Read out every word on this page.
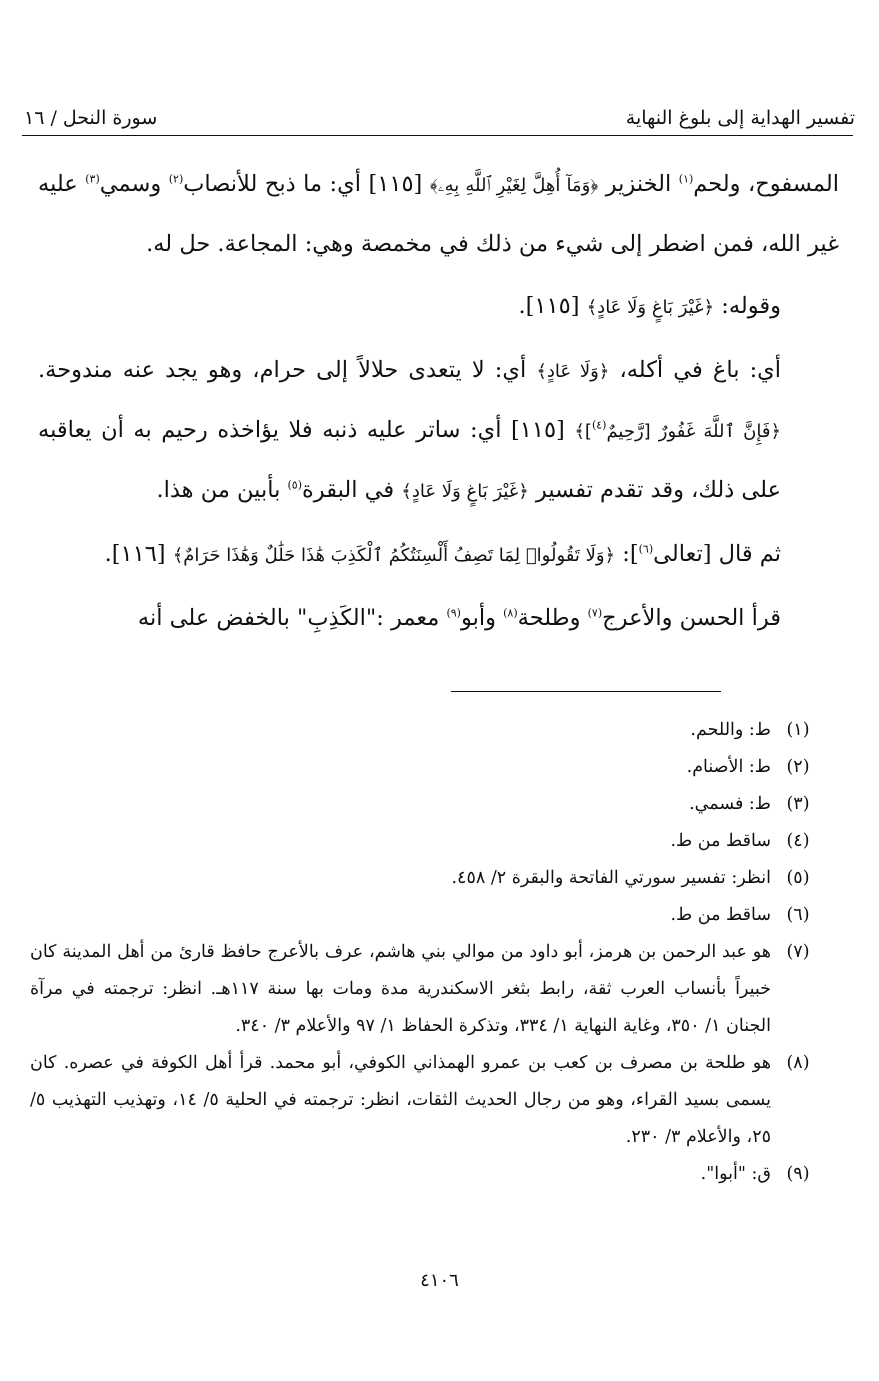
تفسير الهداية إلى بلوغ النهاية
سورة النحل / ١٦

المسفوح، ولحم$^{(١)}$ الخنزير ﴿وَمَآ أُهِلَّ لِغَيْرِ ٱللَّهِ بِهِۦ﴾ [١١٥] أي: ما ذبح للأنصاب$^{(٢)}$ وسمي$^{(٣)}$ عليه غير الله، فمن اضطر إلى شيء من ذلك في مخمصة وهي: المجاعة. حل له.

وقوله: ﴿غَيْرَ بَاغٍ وَلَا عَادٍ﴾ [١١٥].

أي: باغ في أكله، ﴿وَلَا عَادٍ﴾ أي: لا يتعدى حلالاً إلى حرام، وهو يجد عنه مندوحة. ﴿فَإِنَّ ٱللَّهَ غَفُورٌ [رَّحِيمٌ$^{(٤)}$]﴾ [١١٥] أي: ساتر عليه ذنبه فلا يؤاخذه رحيم به أن يعاقبه على ذلك، وقد تقدم تفسير ﴿غَيْرَ بَاغٍ وَلَا عَادٍ﴾ في البقرة$^{(٥)}$ بأبين من هذا.

ثم قال [تعالى$^{(٦)}$]: ﴿وَلَا تَقُولُوا۟ لِمَا تَصِفُ أَلْسِنَتُكُمُ ٱلْكَذِبَ هَٰذَا حَلَٰلٌ وَهَٰذَا حَرَامٌ﴾ [١١٦].

قرأ الحسن والأعرج$^{(٧)}$ وطلحة$^{(٨)}$ وأبو$^{(٩)}$ معمر :"الكَذِبِ" بالخفض على أنه

(١)
ط: واللحم.
(٢)
ط: الأصنام.
(٣)
ط: فسمي.
(٤)
ساقط من ط.
(٥)
انظر: تفسير سورتي الفاتحة والبقرة ٢/ ٤٥٨.
(٦)
ساقط من ط.
(٧)
هو عبد الرحمن بن هرمز، أبو داود من موالي بني هاشم، عرف بالأعرج حافظ قارئ من أهل المدينة كان خبيراً بأنساب العرب ثقة، رابط بثغر الاسكندرية مدة ومات بها سنة ١١٧هـ. انظر: ترجمته في مرآة الجنان ١/ ٣٥٠، وغاية النهاية ١/ ٣٣٤، وتذكرة الحفاظ ١/ ٩٧ والأعلام ٣/ ٣٤٠.
(٨)
هو طلحة بن مصرف بن كعب بن عمرو الهمذاني الكوفي، أبو محمد. قرأ أهل الكوفة في عصره. كان يسمى بسيد القراء، وهو من رجال الحديث الثقات، انظر: ترجمته في الحلية ٥/ ١٤، وتهذيب التهذيب ٥/ ٢٥، والأعلام ٣/ ٢٣٠.
(٩)
ق: "أبوا".
٤١٠٦
